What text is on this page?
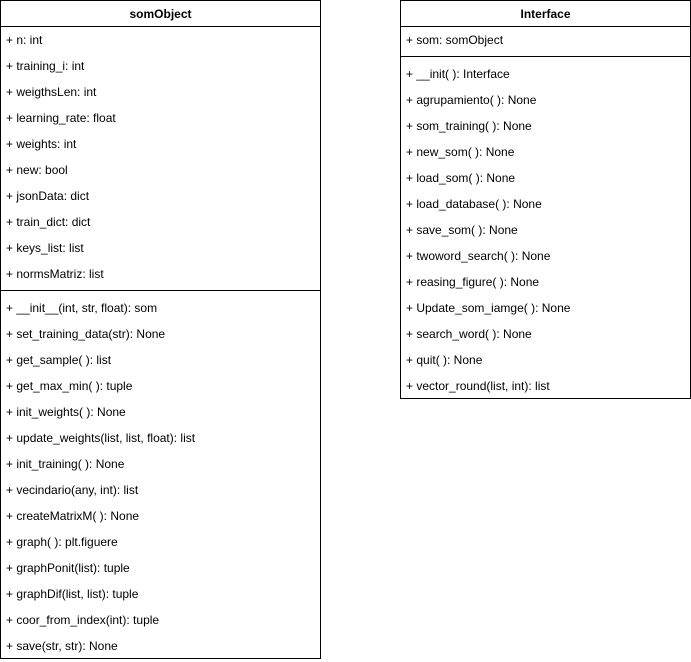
somObject
+ n: int
+ training_i: int
+ weigthsLen: int
+ learning_rate: float
+ weights: int
+ new: bool
+ jsonData: dict
+ train_dict: dict
+ keys_list: list
+ normsMatriz: list
+ __init__(int, str, float): som
+ set_training_data(str): None
+ get_sample( ): list
+ get_max_min( ): tuple
+ init_weights( ): None
+ update_weights(list, list, float): list
+ init_training( ): None
+ vecindario(any, int): list
+ createMatrixM( ): None
+ graph( ): plt.figuere
+ graphPonit(list): tuple
+ graphDif(list, list): tuple
+ coor_from_index(int): tuple
+ save(str, str): None
Interface
+ som: somObject
+ __init( ): Interface
+ agrupamiento( ): None
+ som_training( ): None
+ new_som( ): None
+ load_som( ): None
+ load_database( ): None
+ save_som( ): None
+ twoword_search( ): None
+ reasing_figure( ): None
+ Update_som_iamge( ): None
+ search_word( ): None
+ quit( ): None
+ vector_round(list, int): list
